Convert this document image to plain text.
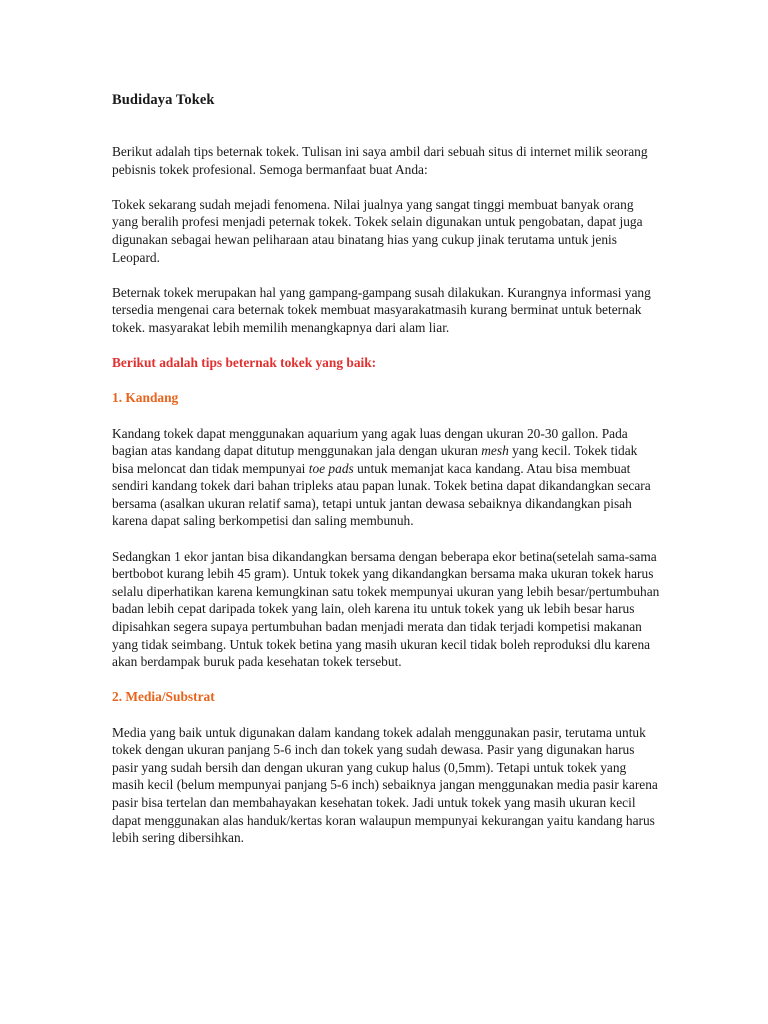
Budidaya Tokek

Berikut adalah tips beternak tokek. Tulisan ini saya ambil dari sebuah situs di internet milik seorang pebisnis tokek profesional. Semoga bermanfaat buat Anda:

Tokek sekarang sudah mejadi fenomena. Nilai jualnya yang sangat tinggi membuat banyak orang yang beralih profesi menjadi peternak tokek. Tokek selain digunakan untuk pengobatan, dapat juga digunakan sebagai hewan peliharaan atau binatang hias yang cukup jinak terutama untuk jenis Leopard.

Beternak tokek merupakan hal yang gampang-gampang susah dilakukan. Kurangnya informasi yang tersedia mengenai cara beternak tokek membuat masyarakatmasih kurang berminat untuk beternak tokek. masyarakat lebih memilih menangkapnya dari alam liar.

Berikut adalah tips beternak tokek yang baik:

1. Kandang

Kandang tokek dapat menggunakan aquarium yang agak luas dengan ukuran 20-30 gallon. Pada bagian atas kandang dapat ditutup menggunakan jala dengan ukuran mesh yang kecil. Tokek tidak bisa meloncat dan tidak mempunyai toe pads untuk memanjat kaca kandang. Atau bisa membuat sendiri kandang tokek dari bahan tripleks atau papan lunak. Tokek betina dapat dikandangkan secara bersama (asalkan ukuran relatif sama), tetapi untuk jantan dewasa sebaiknya dikandangkan pisah karena dapat saling berkompetisi dan saling membunuh.

Sedangkan 1 ekor jantan bisa dikandangkan bersama dengan beberapa ekor betina(setelah sama-sama bertbobot kurang lebih 45 gram). Untuk tokek yang dikandangkan bersama maka ukuran tokek harus selalu diperhatikan karena kemungkinan satu tokek mempunyai ukuran yang lebih besar/pertumbuhan badan lebih cepat daripada tokek yang lain, oleh karena itu untuk tokek yang uk lebih besar harus dipisahkan segera supaya pertumbuhan badan menjadi merata dan tidak terjadi kompetisi makanan yang tidak seimbang. Untuk tokek betina yang masih ukuran kecil tidak boleh reproduksi dlu karena akan berdampak buruk pada kesehatan tokek tersebut.

2. Media/Substrat

Media yang baik untuk digunakan dalam kandang tokek adalah menggunakan pasir, terutama untuk tokek dengan ukuran panjang 5-6 inch dan tokek yang sudah dewasa. Pasir yang digunakan harus pasir yang sudah bersih dan dengan ukuran yang cukup halus (0,5mm). Tetapi untuk tokek yang masih kecil (belum mempunyai panjang 5-6 inch) sebaiknya jangan menggunakan media pasir karena pasir bisa tertelan dan membahayakan kesehatan tokek. Jadi untuk tokek yang masih ukuran kecil dapat menggunakan alas handuk/kertas koran walaupun mempunyai kekurangan yaitu kandang harus lebih sering dibersihkan.
